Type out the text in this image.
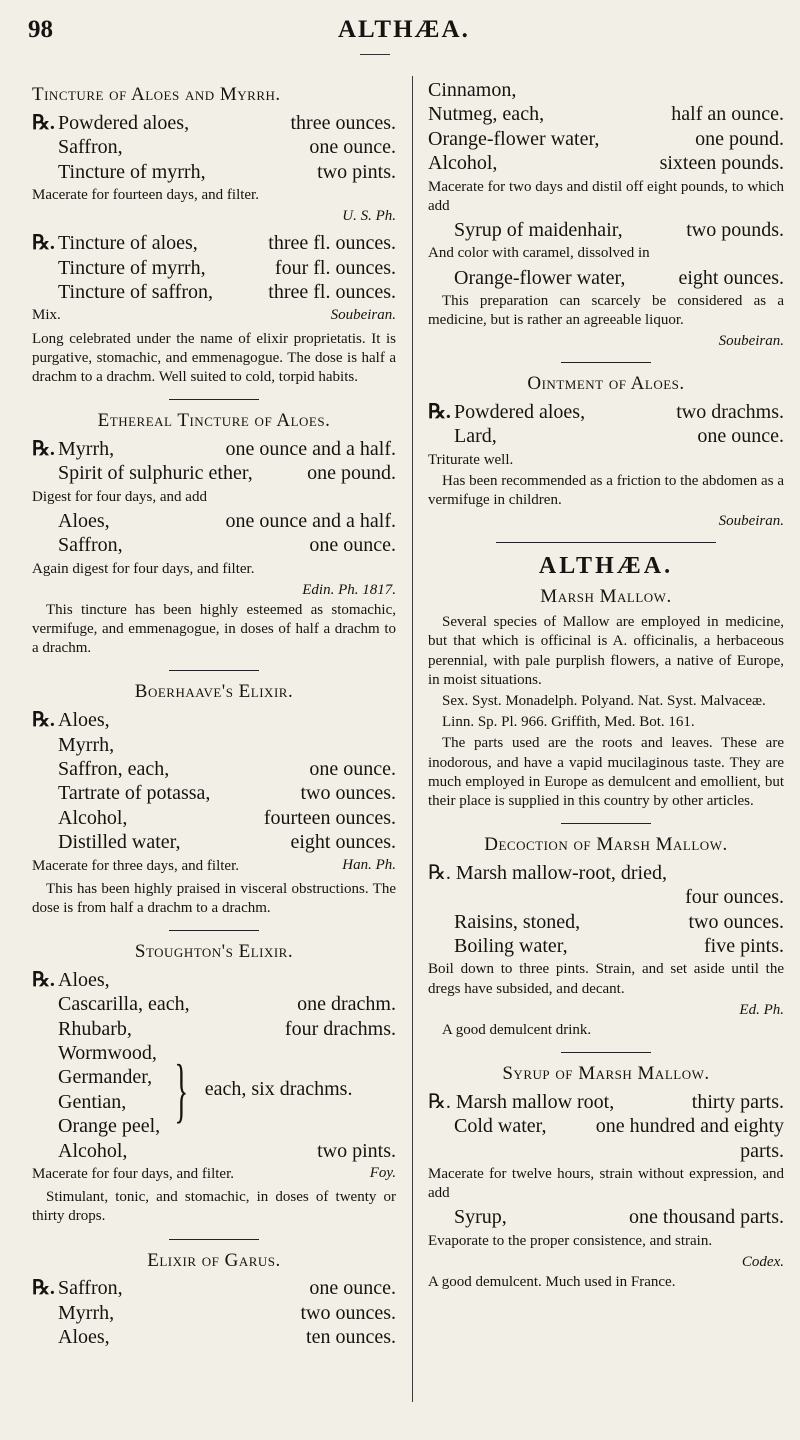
98	ALTHÆA.
Tincture of Aloes and Myrrh.
℞. Powdered aloes,	three ounces.
Saffron,	one ounce.
Tincture of myrrh,	two pints.
Macerate for fourteen days, and filter.
U. S. Ph.
℞. Tincture of aloes,	three fl. ounces.
Tincture of myrrh,	four fl. ounces.
Tincture of saffron,	three fl. ounces.
Mix.	Soubeiran.
Long celebrated under the name of elixir proprietatis. It is purgative, stomachic, and emmenagogue. The dose is half a drachm to a drachm. Well suited to cold, torpid habits.
Ethereal Tincture of Aloes.
℞. Myrrh,	one ounce and a half.
Spirit of sulphuric ether,	one pound.
Digest for four days, and add
Aloes,	one ounce and a half.
Saffron,	one ounce.
Again digest for four days, and filter.
Edin. Ph. 1817.
This tincture has been highly esteemed as stomachic, vermifuge, and emmenagogue, in doses of half a drachm to a drachm.
Boerhaave's Elixir.
℞. Aloes,
Myrrh,
Saffron, each,	one ounce.
Tartrate of potassa,	two ounces.
Alcohol,	fourteen ounces.
Distilled water,	eight ounces.
Macerate for three days, and filter.	Han. Ph.
This has been highly praised in visceral obstructions. The dose is from half a drachm to a drachm.
Stoughton's Elixir.
℞. Aloes,
Cascarilla, each,	one drachm.
Rhubarb,	four drachms.
Wormwood,
Germander,
Gentian,
Orange peel, } each, six drachms.
Alcohol,	two pints.
Macerate for four days, and filter.	Foy.
Stimulant, tonic, and stomachic, in doses of twenty or thirty drops.
Elixir of Garus.
℞. Saffron,	one ounce.
Myrrh,	two ounces.
Aloes,	ten ounces.
Cinnamon,
Nutmeg, each,	half an ounce.
Orange-flower water,	one pound.
Alcohol,	sixteen pounds.
Macerate for two days and distil off eight pounds, to which add
Syrup of maidenhair,	two pounds.
And color with caramel, dissolved in
Orange-flower water,	eight ounces.
This preparation can scarcely be considered as a medicine, but is rather an agreeable liquor.
Soubeiran.
Ointment of Aloes.
℞. Powdered aloes,	two drachms.
Lard,	one ounce.
Triturate well.
Has been recommended as a friction to the abdomen as a vermifuge in children.
Soubeiran.
ALTHÆA.
Marsh Mallow.
Several species of Mallow are employed in medicine, but that which is officinal is A. officinalis, a herbaceous perennial, with pale purplish flowers, a native of Europe, in moist situations.
Sex. Syst. Monadelph. Polyand. Nat. Syst. Malvaceæ.
Linn. Sp. Pl. 966. Griffith, Med. Bot. 161.
The parts used are the roots and leaves. These are inodorous, and have a vapid mucilaginous taste. They are much employed in Europe as demulcent and emollient, but their place is supplied in this country by other articles.
Decoction of Marsh Mallow.
℞. Marsh mallow-root, dried,
four ounces.
Raisins, stoned,	two ounces.
Boiling water,	five pints.
Boil down to three pints. Strain, and set aside until the dregs have subsided, and decant.
Ed. Ph.
A good demulcent drink.
Syrup of Marsh Mallow.
℞. Marsh mallow root,	thirty parts.
Cold water, one hundred and eighty
parts.
Macerate for twelve hours, strain without expression, and add
Syrup,	one thousand parts.
Evaporate to the proper consistence, and strain.
Codex.
A good demulcent. Much used in France.
